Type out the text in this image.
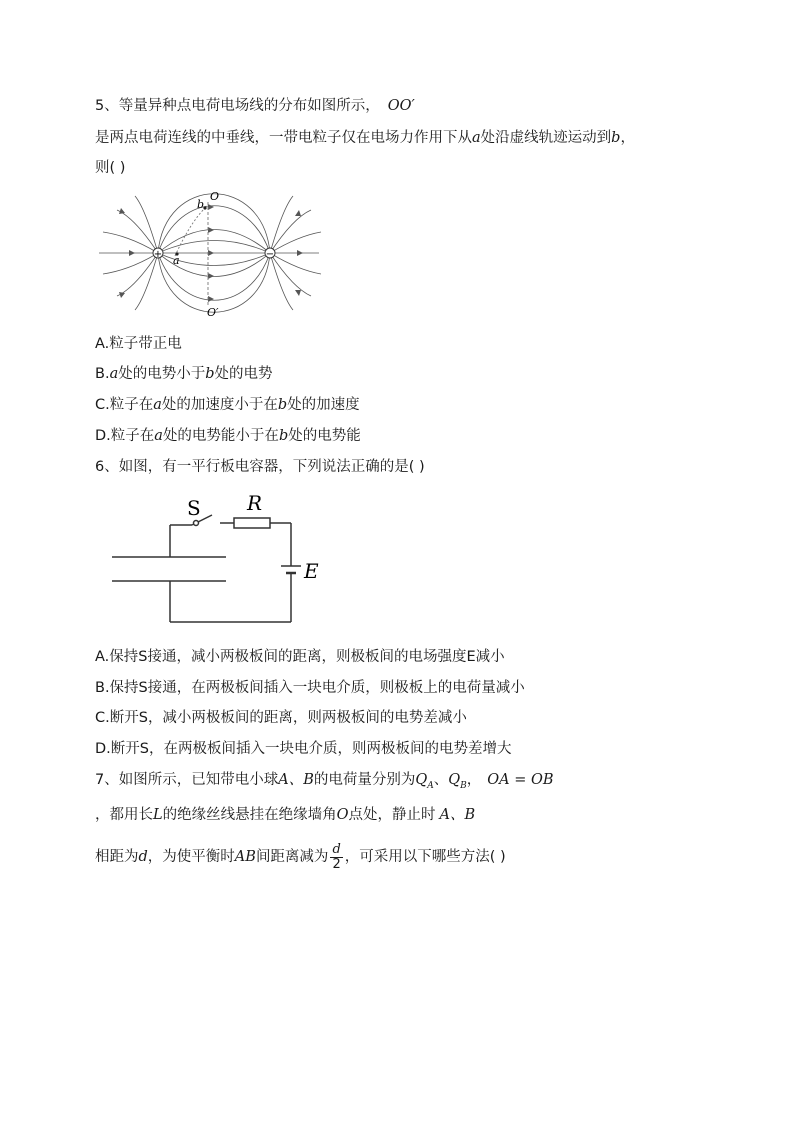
5、等量异种点电荷电场线的分布如图所示， OO′
是两点电荷连线的中垂线，一带电粒子仅在电场力作用下从a处沿虚线轨迹运动到b，
则( )
+	−
O
b
a
O′
A.粒子带正电
B.a处的电势小于b处的电势
C.粒子在a处的加速度小于在b处的加速度
D.粒子在a处的电势能小于在b处的电势能
6、如图，有一平行板电容器，下列说法正确的是( )
S R
E
A.保持S接通，减小两极板间的距离，则极板间的电场强度E减小
B.保持S接通，在两极板间插入一块电介质，则极板上的电荷量减小
C.断开S，减小两极板间的距离，则两极板间的电势差减小
D.断开S，在两极板间插入一块电介质，则两极板间的电势差增大
7、如图所示，已知带电小球A、B的电荷量分别为$Q_A$、$Q_B$， OA = OB
，都用长L的绝缘丝线悬挂在绝缘墙角O点处，静止时 A、B
相距为d，为使平衡时AB间距离减为 $\frac{d}{2}$ ，可采用以下哪些方法( )
